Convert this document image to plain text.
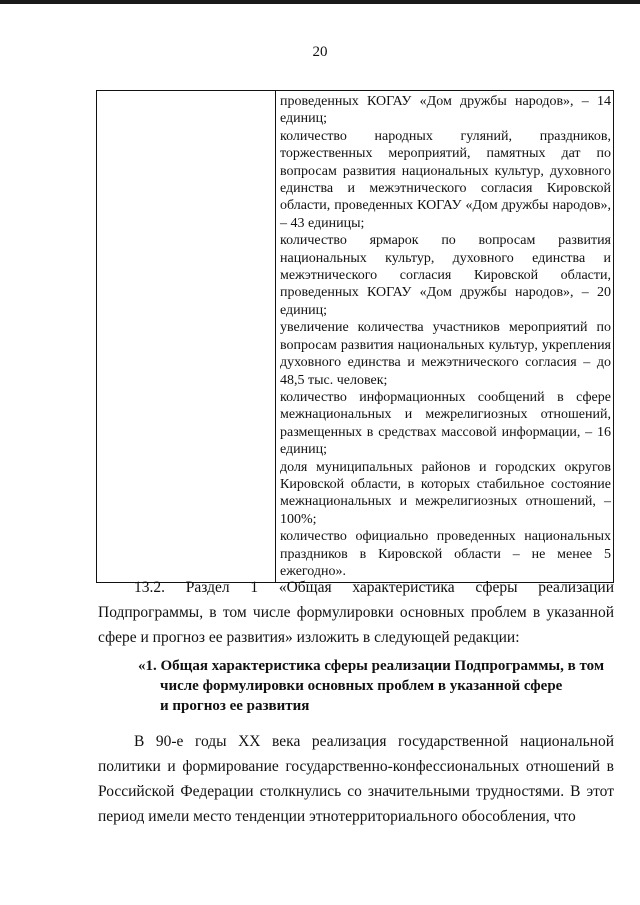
20

проведенных КОГАУ «Дом дружбы народов», – 14 единиц;

количество народных гуляний, праздников, торжественных мероприятий, памятных дат по вопросам развития национальных культур, духовного единства и межэтнического согласия Кировской области, проведенных КОГАУ «Дом дружбы народов», – 43 единицы;

количество ярмарок по вопросам развития национальных культур, духовного единства и межэтнического согласия Кировской области, проведенных КОГАУ «Дом дружбы народов», – 20 единиц;

увеличение количества участников мероприятий по вопросам развития национальных культур, укрепления духовного единства и межэтнического согласия – до 48,5 тыс. человек;

количество информационных сообщений в сфере межнациональных и межрелигиозных отношений, размещенных в средствах массовой информации, – 16 единиц;

доля муниципальных районов и городских округов Кировской области, в которых стабильное состояние межнациональных и межрелигиозных отношений, – 100%;

количество официально проведенных национальных праздников в Кировской области – не менее 5 ежегодно».

13.2. Раздел 1 «Общая характеристика сферы реализации

Подпрограммы, в том числе формулировки основных проблем в указанной сфере и прогноз ее развития» изложить в следующей редакции:

«1. Общая характеристика сферы реализации Подпрограммы, в том
числе формулировки основных проблем в указанной сфере
и прогноз ее развития

В 90-е годы XX века реализация государственной национальной политики и формирование государственно-конфессиональных отношений в Российской Федерации столкнулись со значительными трудностями. В этот период имели место тенденции этнотерриториального обособления, что
